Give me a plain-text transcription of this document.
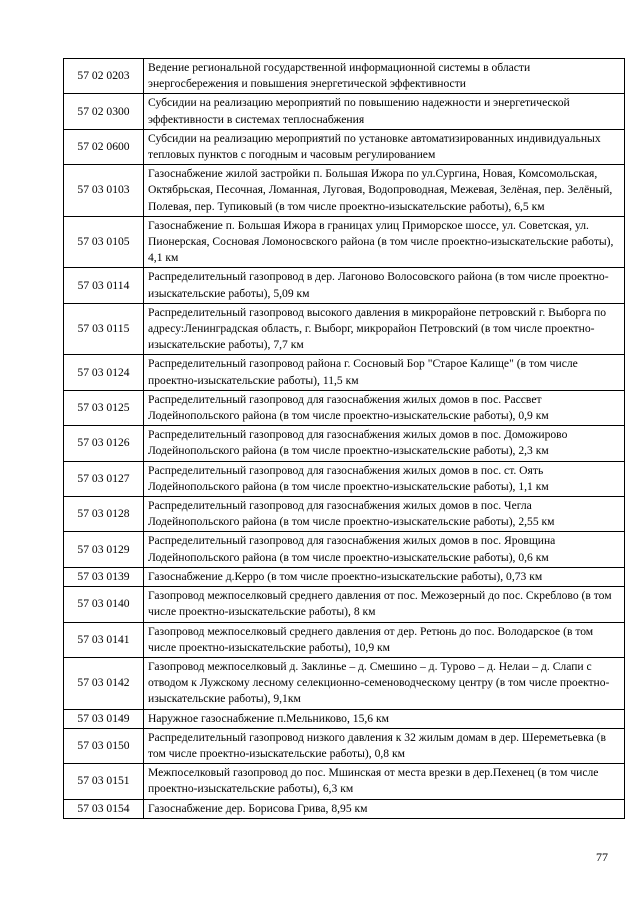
57 02 0203	Ведение региональной государственной информационной системы в области энергосбережения и повышения энергетической эффективности
57 02 0300	Субсидии на реализацию мероприятий по повышению надежности и энергетической эффективности в системах теплоснабжения
57 02 0600	Субсидии на реализацию мероприятий по установке автоматизированных индивидуальных тепловых пунктов с погодным и часовым регулированием
57 03 0103	Газоснабжение жилой застройки п. Большая Ижора по ул.Сургина, Новая, Комсомольская, Октябрьская, Песочная, Ломанная, Луговая, Водопроводная, Межевая, Зелёная, пер. Зелёный, Полевая, пер. Тупиковый (в том числе проектно-изыскательские работы), 6,5 км
57 03 0105	Газоснабжение п. Большая Ижора в границах улиц Приморское шоссе, ул. Советская, ул. Пионерская, Сосновая Ломоносвского района (в том числе проектно-изыскательские работы), 4,1 км
57 03 0114	Распределительный газопровод в дер. Лагоново Волосовского района (в том числе проектно-изыскательские работы), 5,09 км
57 03 0115	Распределительный газопровод высокого давления в микрорайоне петровский г. Выборга по адресу:Ленинградская область, г. Выборг, микрорайон Петровский (в том числе проектно-изыскательские работы), 7,7 км
57 03 0124	Распределительный газопровод района г. Сосновый Бор "Старое Калище" (в том числе проектно-изыскательские работы), 11,5 км
57 03 0125	Распределительный газопровод для газоснабжения жилых домов в пос. Рассвет Лодейнопольского района (в том числе проектно-изыскательские работы), 0,9 км
57 03 0126	Распределительный газопровод для газоснабжения жилых домов в пос. Доможирово Лодейнопольского района (в том числе проектно-изыскательские работы), 2,3 км
57 03 0127	Распределительный газопровод для газоснабжения жилых домов в пос. ст. Оять Лодейнопольского района (в том числе проектно-изыскательские работы), 1,1 км
57 03 0128	Распределительный газопровод для газоснабжения жилых домов в пос. Чегла Лодейнопольского района (в том числе проектно-изыскательские работы), 2,55 км
57 03 0129	Распределительный газопровод для газоснабжения жилых домов в пос. Яровщина Лодейнопольского района (в том числе проектно-изыскательские работы), 0,6 км
57 03 0139	Газоснабжение д.Керро (в том числе проектно-изыскательские работы), 0,73 км
57 03 0140	Газопровод межпоселковый среднего давления от пос. Межозерный до пос. Скреблово (в том числе проектно-изыскательские работы), 8 км
57 03 0141	Газопровод межпоселковый среднего давления от дер. Ретюнь до пос. Володарское (в том числе проектно-изыскательские работы), 10,9 км
57 03 0142	Газопровод межпоселковый д. Заклинье – д. Смешино – д. Турово – д. Нелаи – д. Слапи с отводом к Лужскому лесному селекционно-семеноводческому центру (в том числе проектно-изыскательские работы), 9,1км
57 03 0149	Наружное газоснабжение п.Мельниково, 15,6 км
57 03 0150	Распределительный газопровод низкого давления к 32 жилым домам в дер. Шереметьевка (в том числе проектно-изыскательские работы), 0,8 км
57 03 0151	Межпоселковый газопровод до пос. Мшинская от места врезки в дер.Пехенец (в том числе проектно-изыскательские работы), 6,3 км
57 03 0154	Газоснабжение дер. Борисова Грива, 8,95 км
77
